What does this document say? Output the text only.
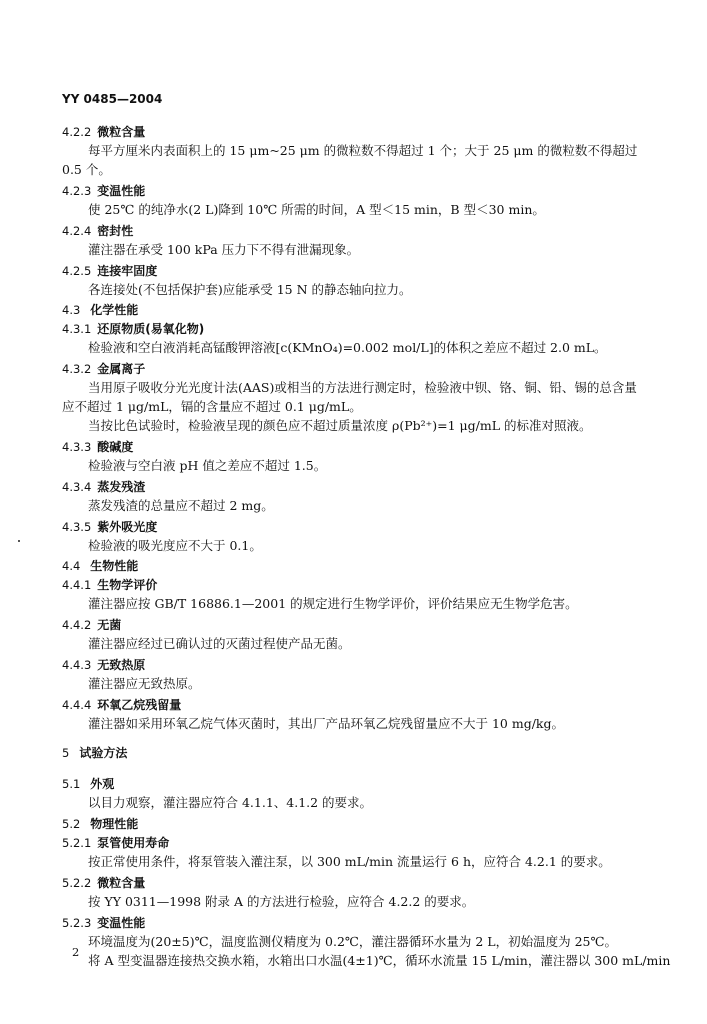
YY 0485—2004
4.2.2 微粒含量
每平方厘米内表面积上的 15 μm~25 μm 的微粒数不得超过 1 个；大于 25 μm 的微粒数不得超过
0.5 个。
4.2.3 变温性能
使 25℃ 的纯净水(2 L)降到 10℃ 所需的时间，A 型＜15 min，B 型＜30 min。
4.2.4 密封性
灌注器在承受 100 kPa 压力下不得有泄漏现象。
4.2.5 连接牢固度
各连接处(不包括保护套)应能承受 15 N 的静态轴向拉力。
4.3 化学性能
4.3.1 还原物质(易氧化物)
检验液和空白液消耗高锰酸钾溶液[c(KMnO₄)=0.002 mol/L]的体积之差应不超过 2.0 mL。
4.3.2 金属离子
当用原子吸收分光光度计法(AAS)或相当的方法进行测定时，检验液中钡、铬、铜、铅、锡的总含量
应不超过 1 μg/mL，镉的含量应不超过 0.1 μg/mL。
当按比色试验时，检验液呈现的颜色应不超过质量浓度 ρ(Pb²⁺)=1 μg/mL 的标准对照液。
4.3.3 酸碱度
检验液与空白液 pH 值之差应不超过 1.5。
4.3.4 蒸发残渣
蒸发残渣的总量应不超过 2 mg。
4.3.5 紫外吸光度
检验液的吸光度应不大于 0.1。
4.4 生物性能
4.4.1 生物学评价
灌注器应按 GB/T 16886.1—2001 的规定进行生物学评价，评价结果应无生物学危害。
4.4.2 无菌
灌注器应经过已确认过的灭菌过程使产品无菌。
4.4.3 无致热原
灌注器应无致热原。
4.4.4 环氧乙烷残留量
灌注器如采用环氧乙烷气体灭菌时，其出厂产品环氧乙烷残留量应不大于 10 mg/kg。
5 试验方法
5.1 外观
以目力观察，灌注器应符合 4.1.1、4.1.2 的要求。
5.2 物理性能
5.2.1 泵管使用寿命
按正常使用条件，将泵管装入灌注泵，以 300 mL/min 流量运行 6 h，应符合 4.2.1 的要求。
5.2.2 微粒含量
按 YY 0311—1998 附录 A 的方法进行检验，应符合 4.2.2 的要求。
5.2.3 变温性能
环境温度为(20±5)℃，温度监测仪精度为 0.2℃，灌注器循环水量为 2 L，初始温度为 25℃。
将 A 型变温器连接热交换水箱，水箱出口水温(4±1)℃，循环水流量 15 L/min，灌注器以 300 mL/min
2
